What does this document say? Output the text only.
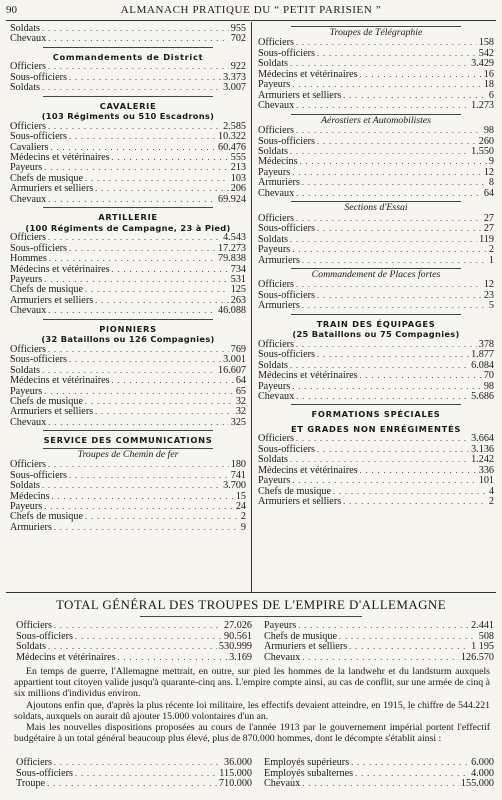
90	ALMANACH PRATIQUE DU “ PETIT PARISIEN ”
Soldats . . .	955
Chevaux . . .	702
Commandements de District
Officiers . . .	922
Sous-officiers . . .	3.373
Soldats . . .	3.007
CAVALERIE
(103 Régiments ou 510 Escadrons)
Officiers . . .	2.585
Sous-officiers . . .	10.322
Cavaliers . . .	60.476
Médecins et vétérinaires . . .	555
Payeurs . . .	213
Chefs de musique . . .	103
Armuriers et selliers . . .	206
Chevaux . . .	69.924
ARTILLERIE
(100 Régiments de Campagne, 23 à Pied)
Officiers . . .	4.543
Sous-officiers . . .	17.273
Hommes . . .	79.838
Médecins et vétérinaires . . .	734
Payeurs . . .	531
Chefs de musique . . .	125
Armuriers et selliers . . .	263
Chevaux . . .	46.088
PIONNIERS
(32 Bataillons ou 126 Compagnies)
Officiers . . .	769
Sous-officiers . . .	3.001
Soldats . . .	16.607
Médecins et vétérinaires . . .	64
Payeurs . . .	65
Chefs de musique . . .	32
Armuriers et selliers . . .	32
Chevaux . . .	325
SERVICE DES COMMUNICATIONS
Troupes de Chemin de fer
Officiers . . .	180
Sous-officiers . . .	741
Soldats . . .	3.700
Médecins . . .	15
Payeurs . . .	24
Chefs de musique . . .	2
Armuriers . . .	9
Troupes de Télégraphie
Officiers . . .	158
Sous-officiers . . .	542
Soldats . . .	3.429
Médecins et vétérinaires . . .	16
Payeurs . . .	18
Armuriers et selliers . . .	6
Chevaux . . .	1.273
Aérostiers et Automobilistes
Officiers . . .	98
Sous-officiers . . .	260
Soldats . . .	1.550
Médecins . . .	9
Payeurs . . .	12
Armuriers . . .	8
Chevaux . . .	64
Sections d'Essai
Officiers . . .	27
Sous-officiers . . .	27
Soldats . . .	119
Payeurs . . .	2
Armuriers . . .	1
Commandement de Places fortes
Officiers . . .	12
Sous-officiers . . .	23
Armuriers . . .	5
TRAIN DES ÉQUIPAGES
(25 Bataillons ou 75 Compagnies)
Officiers . . .	378
Sous-officiers . . .	1.877
Soldats . . .	6.084
Médecins et vétérinaires . . .	70
Payeurs . . .	98
Chevaux . . .	5.686
FORMATIONS SPÉCIALES
ET GRADES NON ENRÉGIMENTÉS
Officiers . . .	3.664
Sous-officiers . . .	3.136
Soldats . . .	1.242
Médecins et vétérinaires . . .	336
Payeurs . . .	101
Chefs de musique . . .	4
Armuriers et selliers . . .	2
TOTAL GÉNÉRAL DES TROUPES DE L'EMPIRE D'ALLEMAGNE
Officiers . . .	27.026
Sous-officiers . . .	90.561
Soldats . . .	530.999
Médecins et vétérinaires . . .	3.169
Payeurs . . .	2.441
Chefs de musique . . .	508
Armuriers et selliers . . .	1 195
Chevaux . . .	126.570
En temps de guerre, l'Allemagne mettrait, en outre, sur pied les hommes de la landwehr et du landsturm auxquels appartient tout citoyen valide jusqu'à quarante-cinq ans. L'empire compte ainsi, au cas de conflit, sur une armée de cinq à six millions d'individus environ.
Ajoutons enfin que, d'après la plus récente loi militaire, les effectifs devaient atteindre, en 1915, le chiffre de 544.221 soldats, auxquels on aurait dû ajouter 15.000 volontaires d'un an.
Mais les nouvelles dispositions proposées au cours de l'année 1913 par le gouvernement impérial portent l'effectif budgétaire à un total général beaucoup plus élevé, plus de 870.000 hommes, dont le décompte s'établit ainsi :
Officiers . . .	36.000
Sous-officiers . . .	115.000
Troupe . . .	710.000
Employés supérieurs . . .	6.000
Employés subalternes . . .	4.000
Chevaux . . .	155.000
